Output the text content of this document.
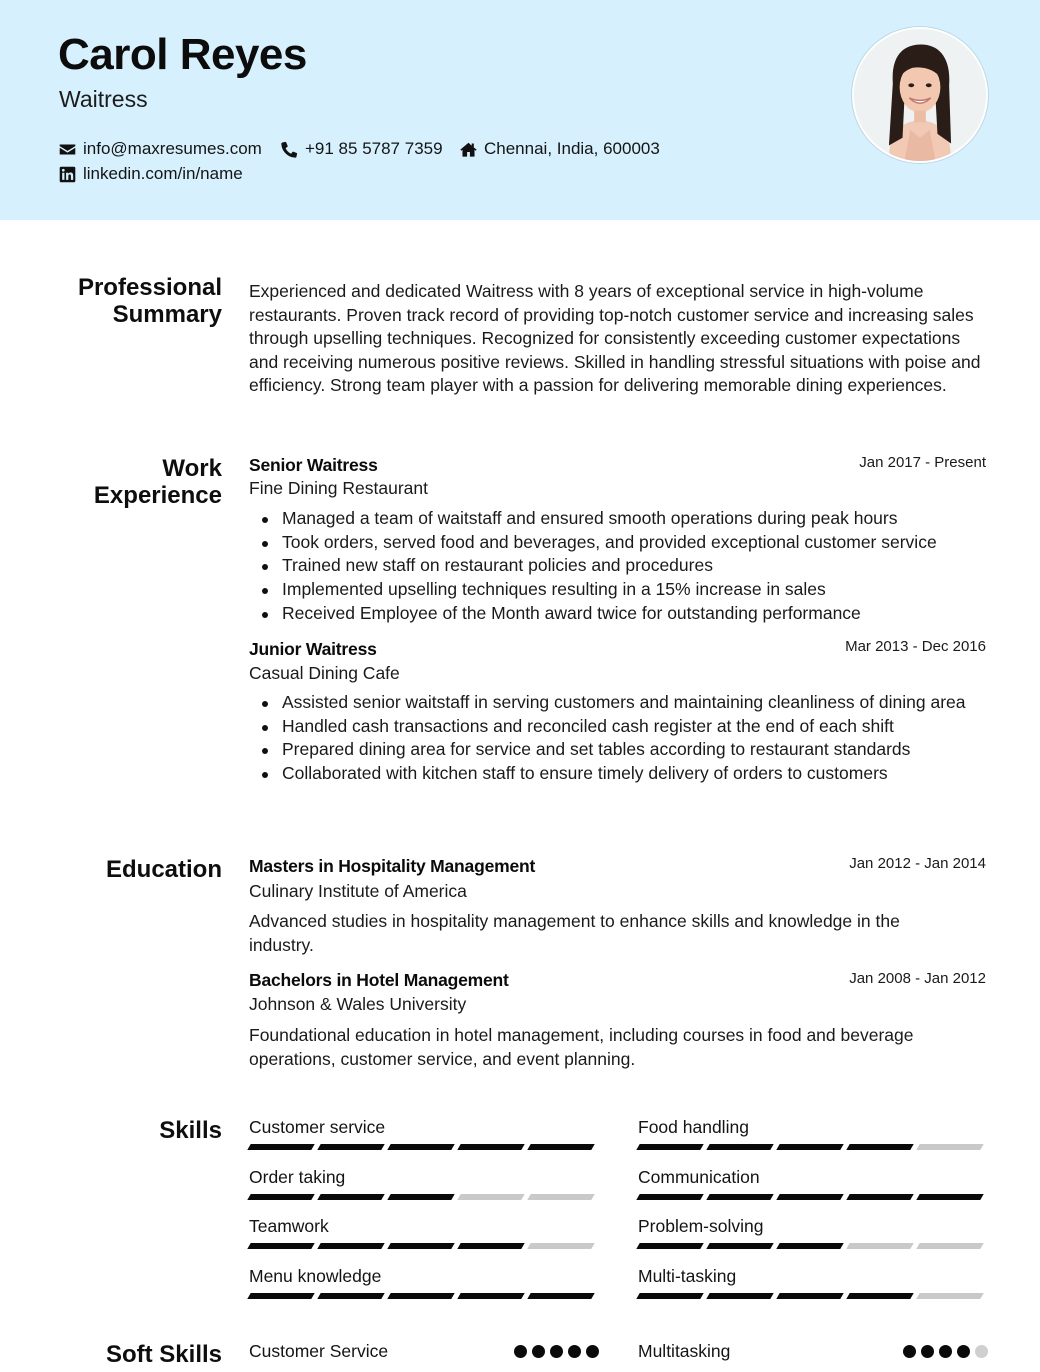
Carol Reyes
Waitress
info@maxresumes.com	+91 85 5787 7359 Chennai, India, 600003
linkedin.com/in/name
Professional
Summary
Experienced and dedicated Waitress with 8 years of exceptional service in high-volume restaurants. Proven track record of providing top-notch customer service and increasing sales through upselling techniques. Recognized for consistently exceeding customer expectations and receiving numerous positive reviews. Skilled in handling stressful situations with poise and efficiency. Strong team player with a passion for delivering memorable dining experiences.
Work
Experience
Senior Waitress	Jan 2017 - Present
Fine Dining Restaurant
Managed a team of waitstaff and ensured smooth operations during peak hours
Took orders, served food and beverages, and provided exceptional customer service
Trained new staff on restaurant policies and procedures
Implemented upselling techniques resulting in a 15% increase in sales
Received Employee of the Month award twice for outstanding performance
Junior Waitress	Mar 2013 - Dec 2016
Casual Dining Cafe
Assisted senior waitstaff in serving customers and maintaining cleanliness of dining area
Handled cash transactions and reconciled cash register at the end of each shift
Prepared dining area for service and set tables according to restaurant standards
Collaborated with kitchen staff to ensure timely delivery of orders to customers
Education Masters in Hospitality Management	Jan 2012 - Jan 2014
Culinary Institute of America
Advanced studies in hospitality management to enhance skills and knowledge in the industry.
Bachelors in Hotel Management	Jan 2008 - Jan 2012
Johnson & Wales University
Foundational education in hotel management, including courses in food and beverage operations, customer service, and event planning.
Skills Customer service	Food handling
Order taking	Communication
Teamwork	Problem-solving
Menu knowledge	Multi-tasking
Soft Skills Customer Service	Multitasking
